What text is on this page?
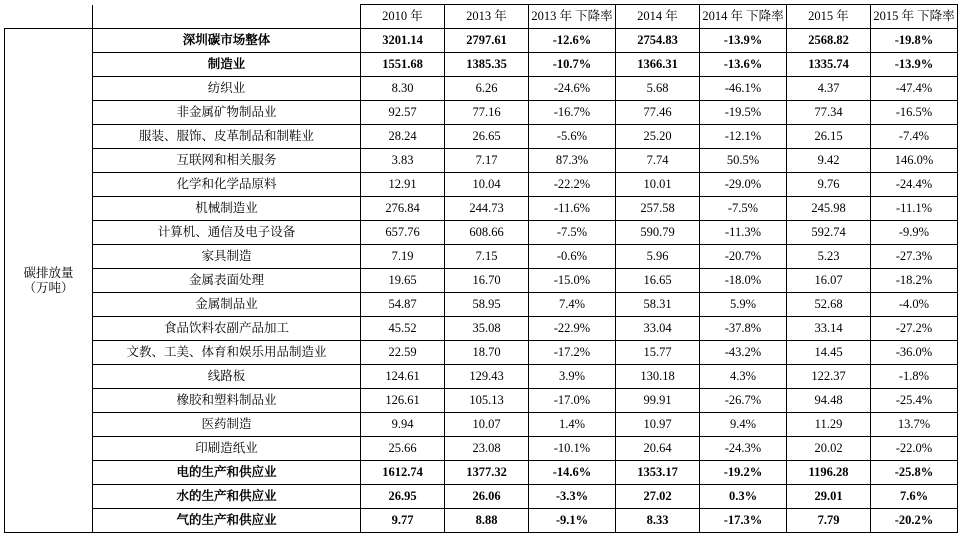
		2010 年	2013 年	2013 年 下降率	2014 年	2014 年 下降率	2015 年	2015 年 下降率

碳排放量
（万吨）	深圳碳市场整体	3201.14	2797.61	-12.6%	2754.83	-13.9%	2568.82	-19.8%
	制造业	1551.68	1385.35	-10.7%	1366.31	-13.6%	1335.74	-13.9%
	纺织业	8.30	6.26	-24.6%	5.68	-46.1%	4.37	-47.4%
	非金属矿物制品业	92.57	77.16	-16.7%	77.46	-19.5%	77.34	-16.5%
	服装、服饰、皮革制品和制鞋业	28.24	26.65	-5.6%	25.20	-12.1%	26.15	-7.4%
	互联网和相关服务	3.83	7.17	87.3%	7.74	50.5%	9.42	146.0%
	化学和化学品原料	12.91	10.04	-22.2%	10.01	-29.0%	9.76	-24.4%
	机械制造业	276.84	244.73	-11.6%	257.58	-7.5%	245.98	-11.1%
	计算机、通信及电子设备	657.76	608.66	-7.5%	590.79	-11.3%	592.74	-9.9%
	家具制造	7.19	7.15	-0.6%	5.96	-20.7%	5.23	-27.3%
	金属表面处理	19.65	16.70	-15.0%	16.65	-18.0%	16.07	-18.2%
	金属制品业	54.87	58.95	7.4%	58.31	5.9%	52.68	-4.0%
	食品饮料农副产品加工	45.52	35.08	-22.9%	33.04	-37.8%	33.14	-27.2%
	文教、工美、体育和娱乐用品制造业	22.59	18.70	-17.2%	15.77	-43.2%	14.45	-36.0%
	线路板	124.61	129.43	3.9%	130.18	4.3%	122.37	-1.8%
	橡胶和塑料制品业	126.61	105.13	-17.0%	99.91	-26.7%	94.48	-25.4%
	医药制造	9.94	10.07	1.4%	10.97	9.4%	11.29	13.7%
	印刷造纸业	25.66	23.08	-10.1%	20.64	-24.3%	20.02	-22.0%
	电的生产和供应业	1612.74	1377.32	-14.6%	1353.17	-19.2%	1196.28	-25.8%
	水的生产和供应业	26.95	26.06	-3.3%	27.02	0.3%	29.01	7.6%
	气的生产和供应业	9.77	8.88	-9.1%	8.33	-17.3%	7.79	-20.2%
